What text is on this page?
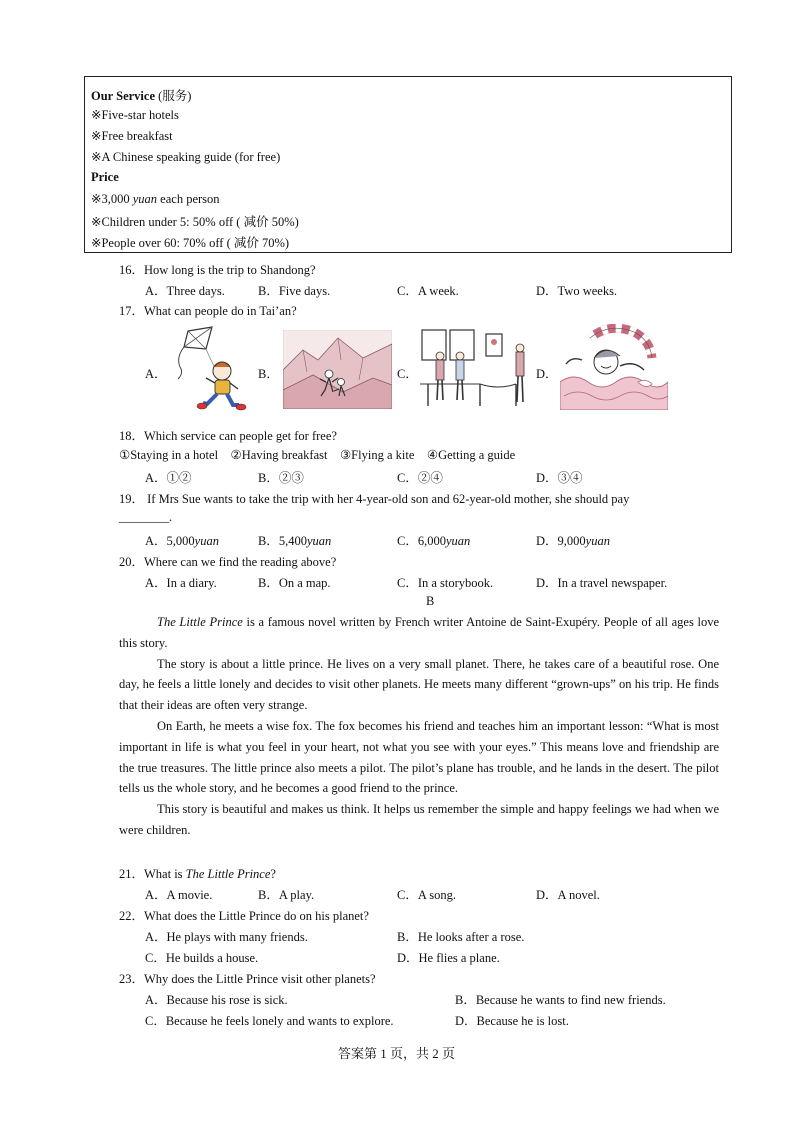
Our Service (服务)
※Five-star hotels
※Free breakfast
※A Chinese speaking guide (for free)
Price
※3,000 yuan each person
※Children under 5: 50% off ( 减价 50%)
※People over 60: 70% off ( 减价 70%)
16．How long is the trip to Shandong?
A．Three days.	B．Five days.	C．A week.	D．Two weeks.
17．What can people do in Tai’an?
A．	B．	C．	D．
18．Which service can people get for free?
①Staying in a hotel    ②Having breakfast    ③Flying a kite    ④Getting a guide
A．①②	B．②③	C．②④	D．③④
19． If Mrs Sue wants to take the trip with her 4-year-old son and 62-year-old mother, she should pay
________.
A．5,000yuan	B．5,400yuan	C．6,000yuan	D．9,000yuan
20．Where can we find the reading above?
A．In a diary.	B．On a map.	C．In a storybook.	D．In a travel newspaper.
B

The Little Prince is a famous novel written by French writer Antoine de Saint-Exupéry. People of all ages love this story.

The story is about a little prince. He lives on a very small planet. There, he takes care of a beautiful rose. One day, he feels a little lonely and decides to visit other planets. He meets many different “grown-ups” on his trip. He finds that their ideas are often very strange.

On Earth, he meets a wise fox. The fox becomes his friend and teaches him an important lesson: “What is most important in life is what you feel in your heart, not what you see with your eyes.” This means love and friendship are the true treasures. The little prince also meets a pilot. The pilot’s plane has trouble, and he lands in the desert. The pilot tells us the whole story, and he becomes a good friend to the prince.

This story is beautiful and makes us think. It helps us remember the simple and happy feelings we had when we were children.

21．What is The Little Prince?
A．A movie.	B．A play.	C．A song.	D．A novel.
22．What does the Little Prince do on his planet?
A．He plays with many friends.	B．He looks after a rose.
C．He builds a house.	D．He flies a plane.
23．Why does the Little Prince visit other planets?
A．Because his rose is sick.	B．Because he wants to find new friends.
C．Because he feels lonely and wants to explore.	D．Because he is lost.
答案第 1 页，共 2 页
